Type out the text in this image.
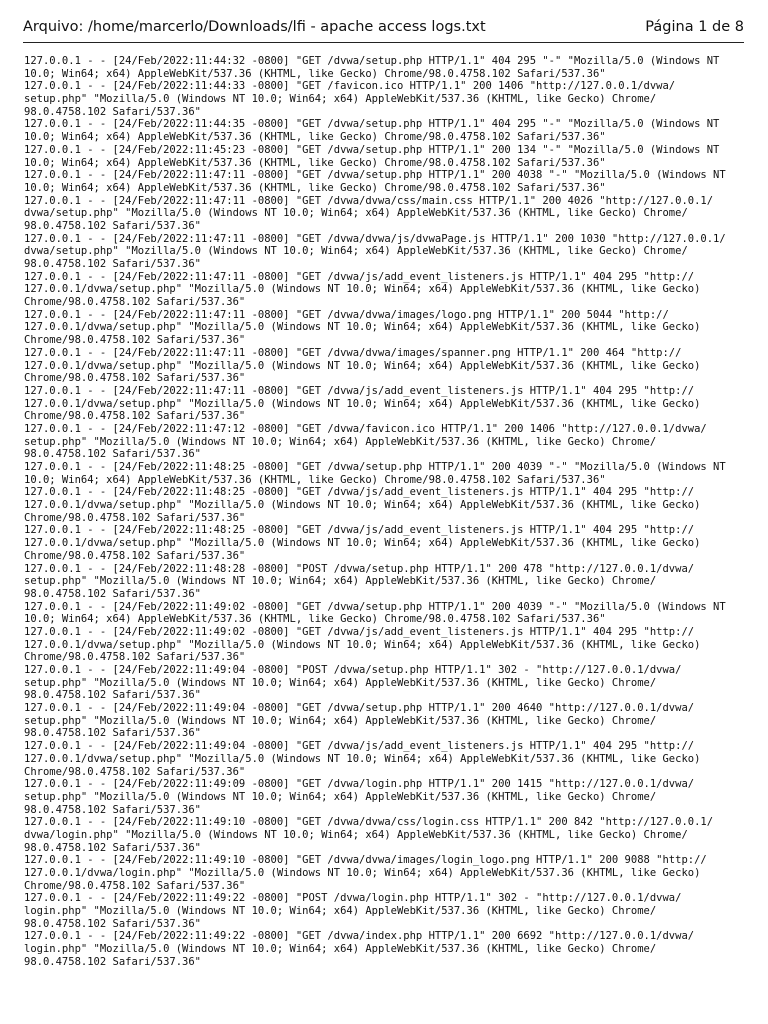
Arquivo: /home/marcerlo/Downloads/lfi - apache access logs.txt	Página 1 de 8
127.0.0.1 - - [24/Feb/2022:11:44:32 -0800] "GET /dvwa/setup.php HTTP/1.1" 404 295 "-" "Mozilla/5.0 (Windows NT
10.0; Win64; x64) AppleWebKit/537.36 (KHTML, like Gecko) Chrome/98.0.4758.102 Safari/537.36"
127.0.0.1 - - [24/Feb/2022:11:44:33 -0800] "GET /favicon.ico HTTP/1.1" 200 1406 "http://127.0.0.1/dvwa/
setup.php" "Mozilla/5.0 (Windows NT 10.0; Win64; x64) AppleWebKit/537.36 (KHTML, like Gecko) Chrome/
98.0.4758.102 Safari/537.36"
127.0.0.1 - - [24/Feb/2022:11:44:35 -0800] "GET /dvwa/setup.php HTTP/1.1" 404 295 "-" "Mozilla/5.0 (Windows NT
10.0; Win64; x64) AppleWebKit/537.36 (KHTML, like Gecko) Chrome/98.0.4758.102 Safari/537.36"
127.0.0.1 - - [24/Feb/2022:11:45:23 -0800] "GET /dvwa/setup.php HTTP/1.1" 200 134 "-" "Mozilla/5.0 (Windows NT
10.0; Win64; x64) AppleWebKit/537.36 (KHTML, like Gecko) Chrome/98.0.4758.102 Safari/537.36"
127.0.0.1 - - [24/Feb/2022:11:47:11 -0800] "GET /dvwa/setup.php HTTP/1.1" 200 4038 "-" "Mozilla/5.0 (Windows NT
10.0; Win64; x64) AppleWebKit/537.36 (KHTML, like Gecko) Chrome/98.0.4758.102 Safari/537.36"
127.0.0.1 - - [24/Feb/2022:11:47:11 -0800] "GET /dvwa/dvwa/css/main.css HTTP/1.1" 200 4026 "http://127.0.0.1/
dvwa/setup.php" "Mozilla/5.0 (Windows NT 10.0; Win64; x64) AppleWebKit/537.36 (KHTML, like Gecko) Chrome/
98.0.4758.102 Safari/537.36"
127.0.0.1 - - [24/Feb/2022:11:47:11 -0800] "GET /dvwa/dvwa/js/dvwaPage.js HTTP/1.1" 200 1030 "http://127.0.0.1/
dvwa/setup.php" "Mozilla/5.0 (Windows NT 10.0; Win64; x64) AppleWebKit/537.36 (KHTML, like Gecko) Chrome/
98.0.4758.102 Safari/537.36"
127.0.0.1 - - [24/Feb/2022:11:47:11 -0800] "GET /dvwa/js/add_event_listeners.js HTTP/1.1" 404 295 "http://
127.0.0.1/dvwa/setup.php" "Mozilla/5.0 (Windows NT 10.0; Win64; x64) AppleWebKit/537.36 (KHTML, like Gecko)
Chrome/98.0.4758.102 Safari/537.36"
127.0.0.1 - - [24/Feb/2022:11:47:11 -0800] "GET /dvwa/dvwa/images/logo.png HTTP/1.1" 200 5044 "http://
127.0.0.1/dvwa/setup.php" "Mozilla/5.0 (Windows NT 10.0; Win64; x64) AppleWebKit/537.36 (KHTML, like Gecko)
Chrome/98.0.4758.102 Safari/537.36"
127.0.0.1 - - [24/Feb/2022:11:47:11 -0800] "GET /dvwa/dvwa/images/spanner.png HTTP/1.1" 200 464 "http://
127.0.0.1/dvwa/setup.php" "Mozilla/5.0 (Windows NT 10.0; Win64; x64) AppleWebKit/537.36 (KHTML, like Gecko)
Chrome/98.0.4758.102 Safari/537.36"
127.0.0.1 - - [24/Feb/2022:11:47:11 -0800] "GET /dvwa/js/add_event_listeners.js HTTP/1.1" 404 295 "http://
127.0.0.1/dvwa/setup.php" "Mozilla/5.0 (Windows NT 10.0; Win64; x64) AppleWebKit/537.36 (KHTML, like Gecko)
Chrome/98.0.4758.102 Safari/537.36"
127.0.0.1 - - [24/Feb/2022:11:47:12 -0800] "GET /dvwa/favicon.ico HTTP/1.1" 200 1406 "http://127.0.0.1/dvwa/
setup.php" "Mozilla/5.0 (Windows NT 10.0; Win64; x64) AppleWebKit/537.36 (KHTML, like Gecko) Chrome/
98.0.4758.102 Safari/537.36"
127.0.0.1 - - [24/Feb/2022:11:48:25 -0800] "GET /dvwa/setup.php HTTP/1.1" 200 4039 "-" "Mozilla/5.0 (Windows NT
10.0; Win64; x64) AppleWebKit/537.36 (KHTML, like Gecko) Chrome/98.0.4758.102 Safari/537.36"
127.0.0.1 - - [24/Feb/2022:11:48:25 -0800] "GET /dvwa/js/add_event_listeners.js HTTP/1.1" 404 295 "http://
127.0.0.1/dvwa/setup.php" "Mozilla/5.0 (Windows NT 10.0; Win64; x64) AppleWebKit/537.36 (KHTML, like Gecko)
Chrome/98.0.4758.102 Safari/537.36"
127.0.0.1 - - [24/Feb/2022:11:48:25 -0800] "GET /dvwa/js/add_event_listeners.js HTTP/1.1" 404 295 "http://
127.0.0.1/dvwa/setup.php" "Mozilla/5.0 (Windows NT 10.0; Win64; x64) AppleWebKit/537.36 (KHTML, like Gecko)
Chrome/98.0.4758.102 Safari/537.36"
127.0.0.1 - - [24/Feb/2022:11:48:28 -0800] "POST /dvwa/setup.php HTTP/1.1" 200 478 "http://127.0.0.1/dvwa/
setup.php" "Mozilla/5.0 (Windows NT 10.0; Win64; x64) AppleWebKit/537.36 (KHTML, like Gecko) Chrome/
98.0.4758.102 Safari/537.36"
127.0.0.1 - - [24/Feb/2022:11:49:02 -0800] "GET /dvwa/setup.php HTTP/1.1" 200 4039 "-" "Mozilla/5.0 (Windows NT
10.0; Win64; x64) AppleWebKit/537.36 (KHTML, like Gecko) Chrome/98.0.4758.102 Safari/537.36"
127.0.0.1 - - [24/Feb/2022:11:49:02 -0800] "GET /dvwa/js/add_event_listeners.js HTTP/1.1" 404 295 "http://
127.0.0.1/dvwa/setup.php" "Mozilla/5.0 (Windows NT 10.0; Win64; x64) AppleWebKit/537.36 (KHTML, like Gecko)
Chrome/98.0.4758.102 Safari/537.36"
127.0.0.1 - - [24/Feb/2022:11:49:04 -0800] "POST /dvwa/setup.php HTTP/1.1" 302 - "http://127.0.0.1/dvwa/
setup.php" "Mozilla/5.0 (Windows NT 10.0; Win64; x64) AppleWebKit/537.36 (KHTML, like Gecko) Chrome/
98.0.4758.102 Safari/537.36"
127.0.0.1 - - [24/Feb/2022:11:49:04 -0800] "GET /dvwa/setup.php HTTP/1.1" 200 4640 "http://127.0.0.1/dvwa/
setup.php" "Mozilla/5.0 (Windows NT 10.0; Win64; x64) AppleWebKit/537.36 (KHTML, like Gecko) Chrome/
98.0.4758.102 Safari/537.36"
127.0.0.1 - - [24/Feb/2022:11:49:04 -0800] "GET /dvwa/js/add_event_listeners.js HTTP/1.1" 404 295 "http://
127.0.0.1/dvwa/setup.php" "Mozilla/5.0 (Windows NT 10.0; Win64; x64) AppleWebKit/537.36 (KHTML, like Gecko)
Chrome/98.0.4758.102 Safari/537.36"
127.0.0.1 - - [24/Feb/2022:11:49:09 -0800] "GET /dvwa/login.php HTTP/1.1" 200 1415 "http://127.0.0.1/dvwa/
setup.php" "Mozilla/5.0 (Windows NT 10.0; Win64; x64) AppleWebKit/537.36 (KHTML, like Gecko) Chrome/
98.0.4758.102 Safari/537.36"
127.0.0.1 - - [24/Feb/2022:11:49:10 -0800] "GET /dvwa/dvwa/css/login.css HTTP/1.1" 200 842 "http://127.0.0.1/
dvwa/login.php" "Mozilla/5.0 (Windows NT 10.0; Win64; x64) AppleWebKit/537.36 (KHTML, like Gecko) Chrome/
98.0.4758.102 Safari/537.36"
127.0.0.1 - - [24/Feb/2022:11:49:10 -0800] "GET /dvwa/dvwa/images/login_logo.png HTTP/1.1" 200 9088 "http://
127.0.0.1/dvwa/login.php" "Mozilla/5.0 (Windows NT 10.0; Win64; x64) AppleWebKit/537.36 (KHTML, like Gecko)
Chrome/98.0.4758.102 Safari/537.36"
127.0.0.1 - - [24/Feb/2022:11:49:22 -0800] "POST /dvwa/login.php HTTP/1.1" 302 - "http://127.0.0.1/dvwa/
login.php" "Mozilla/5.0 (Windows NT 10.0; Win64; x64) AppleWebKit/537.36 (KHTML, like Gecko) Chrome/
98.0.4758.102 Safari/537.36"
127.0.0.1 - - [24/Feb/2022:11:49:22 -0800] "GET /dvwa/index.php HTTP/1.1" 200 6692 "http://127.0.0.1/dvwa/
login.php" "Mozilla/5.0 (Windows NT 10.0; Win64; x64) AppleWebKit/537.36 (KHTML, like Gecko) Chrome/
98.0.4758.102 Safari/537.36"
